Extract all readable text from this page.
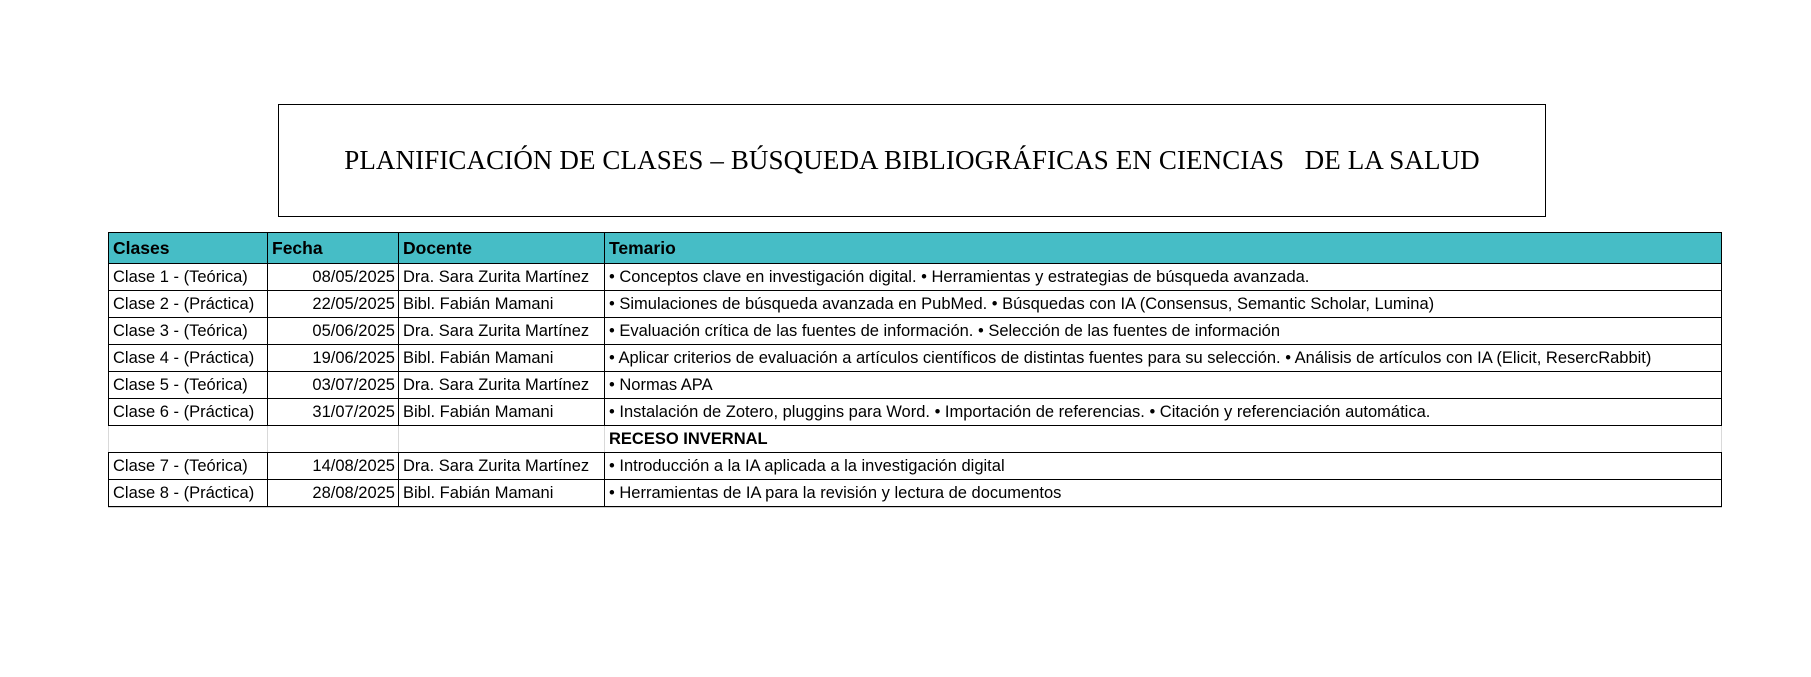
PLANIFICACIÓN DE CLASES – BÚSQUEDA BIBLIOGRÁFICAS EN CIENCIAS   DE LA SALUD
Clases	Fecha	Docente	Temario
Clase 1 - (Teórica)	08/05/2025	Dra. Sara Zurita Martínez	• Conceptos clave en investigación digital. • Herramientas y estrategias de búsqueda avanzada.
Clase 2 - (Práctica)	22/05/2025	Bibl. Fabián Mamani	• Simulaciones de búsqueda avanzada en PubMed. • Búsquedas con IA (Consensus, Semantic Scholar, Lumina)
Clase 3 - (Teórica)	05/06/2025	Dra. Sara Zurita Martínez	• Evaluación crítica de las fuentes de información. • Selección de las fuentes de información
Clase 4 - (Práctica)	19/06/2025	Bibl. Fabián Mamani	• Aplicar criterios de evaluación a artículos científicos de distintas fuentes para su selección. • Análisis de artículos con IA (Elicit, ResercRabbit)
Clase 5 - (Teórica)	03/07/2025	Dra. Sara Zurita Martínez	• Normas APA
Clase 6 - (Práctica)	31/07/2025	Bibl. Fabián Mamani	• Instalación de Zotero, pluggins para Word. • Importación de referencias. • Citación y referenciación automática.
			RECESO INVERNAL
Clase 7 - (Teórica)	14/08/2025	Dra. Sara Zurita Martínez	• Introducción a la IA aplicada a la investigación digital
Clase 8 - (Práctica)	28/08/2025	Bibl. Fabián Mamani	• Herramientas de IA para la revisión y lectura de documentos
